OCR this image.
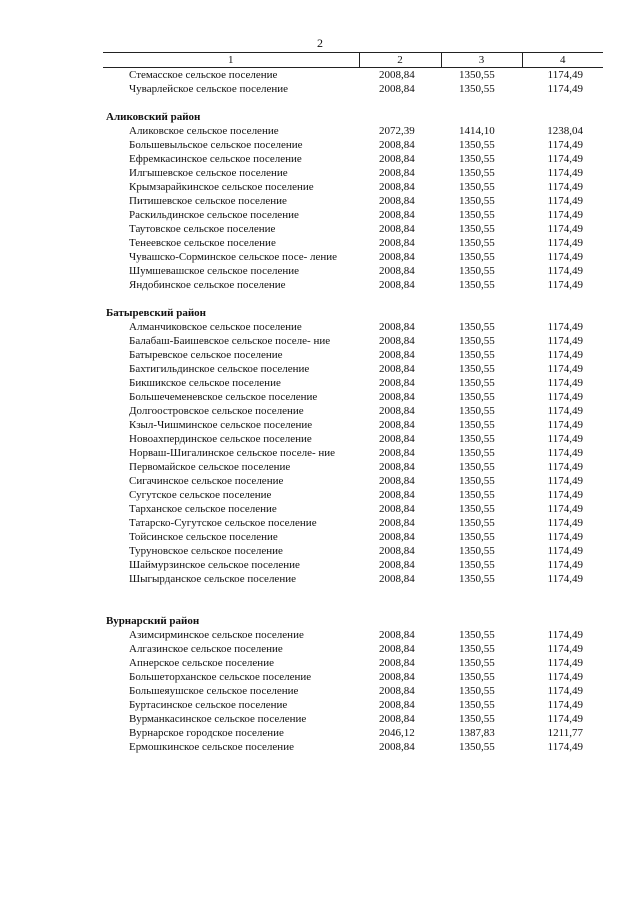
2
1	2	3	4
Стемасское сельское поселение	2008,84	1350,55	1174,49
Чуварлейское сельское поселение	2008,84	1350,55	1174,49
Аликовский район			
Аликовское сельское поселение	2072,39	1414,10	1238,04
Большевыльское сельское поселение	2008,84	1350,55	1174,49
Ефремкасинское сельское поселение	2008,84	1350,55	1174,49
Илгышевское сельское поселение	2008,84	1350,55	1174,49
Крымзарайкинское сельское поселение	2008,84	1350,55	1174,49
Питишевское сельское поселение	2008,84	1350,55	1174,49
Раскильдинское сельское поселение	2008,84	1350,55	1174,49
Таутовское сельское поселение	2008,84	1350,55	1174,49
Тенеевское сельское поселение	2008,84	1350,55	1174,49
Чувашско-Сорминское сельское посе- ление	2008,84	1350,55	1174,49
Шумшевашское сельское поселение	2008,84	1350,55	1174,49
Яндобинское сельское поселение	2008,84	1350,55	1174,49
Батыревский район			
Алманчиковское сельское поселение	2008,84	1350,55	1174,49
Балабаш-Баишевское сельское поселе- ние	2008,84	1350,55	1174,49
Батыревское сельское поселение	2008,84	1350,55	1174,49
Бахтигильдинское сельское поселение	2008,84	1350,55	1174,49
Бикшикское сельское поселение	2008,84	1350,55	1174,49
Большечеменевское сельское поселение	2008,84	1350,55	1174,49
Долгоостровское сельское поселение	2008,84	1350,55	1174,49
Кзыл-Чишминское сельское поселение	2008,84	1350,55	1174,49
Новоахпердинское сельское поселение	2008,84	1350,55	1174,49
Норваш-Шигалинское сельское поселе- ние	2008,84	1350,55	1174,49
Первомайское сельское поселение	2008,84	1350,55	1174,49
Сигачинское сельское поселение	2008,84	1350,55	1174,49
Сугутское сельское поселение	2008,84	1350,55	1174,49
Тарханское сельское поселение	2008,84	1350,55	1174,49
Татарско-Сугутское сельское поселение	2008,84	1350,55	1174,49
Тойсинское сельское поселение	2008,84	1350,55	1174,49
Туруновское сельское поселение	2008,84	1350,55	1174,49
Шаймурзинское сельское поселение	2008,84	1350,55	1174,49
Шыгырданское сельское поселение	2008,84	1350,55	1174,49

Вурнарский район			
Азимсирминское сельское поселение	2008,84	1350,55	1174,49
Алгазинское сельское поселение	2008,84	1350,55	1174,49
Апнерское сельское поселение	2008,84	1350,55	1174,49
Большеторханское сельское поселение	2008,84	1350,55	1174,49
Большеяушское сельское поселение	2008,84	1350,55	1174,49
Буртасинское сельское поселение	2008,84	1350,55	1174,49
Вурманкасинское сельское поселение	2008,84	1350,55	1174,49
Вурнарское городское поселение	2046,12	1387,83	1211,77
Ермошкинское сельское поселение	2008,84	1350,55	1174,49
